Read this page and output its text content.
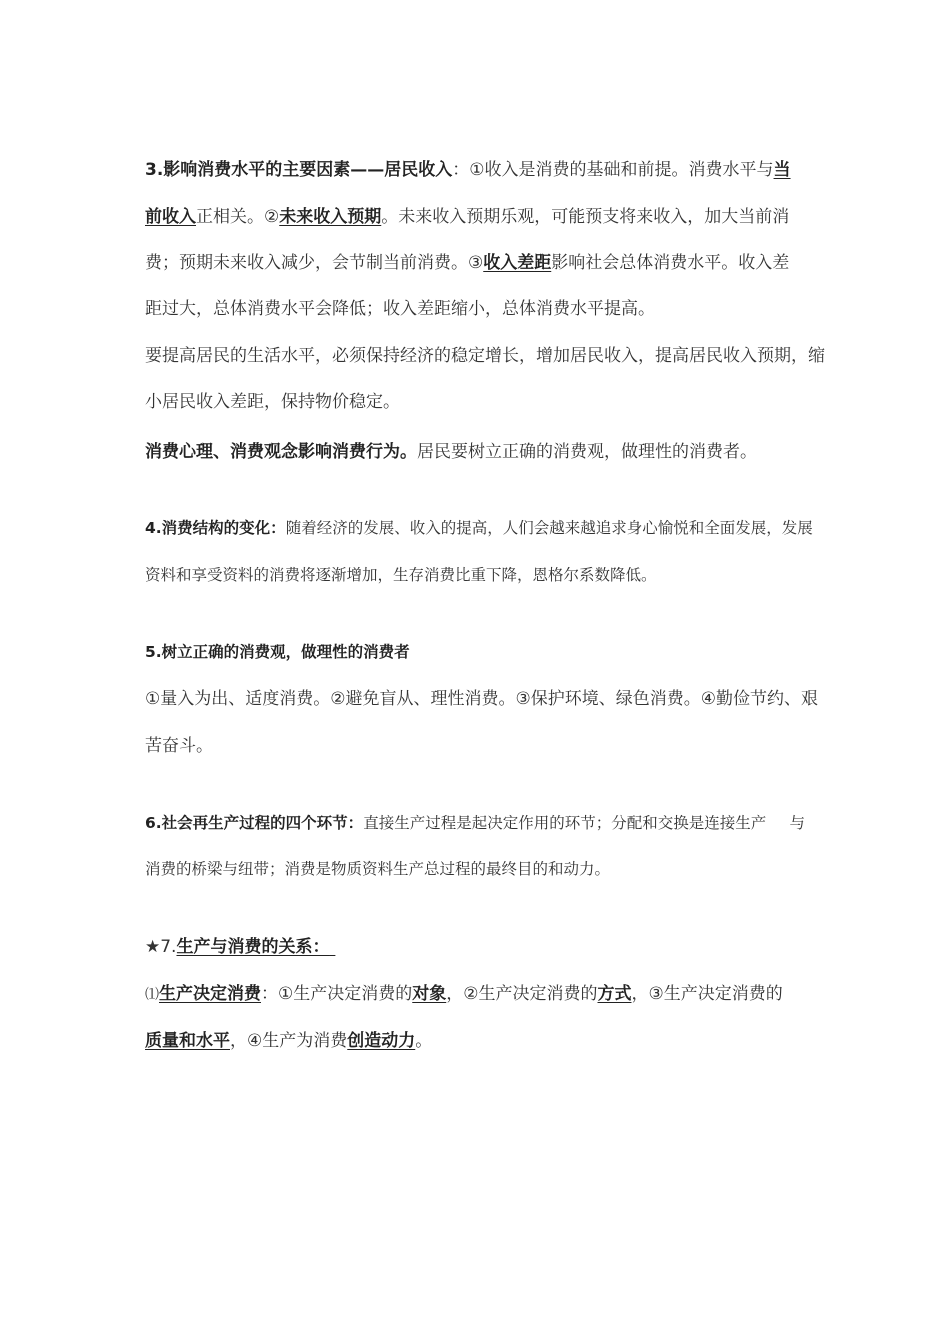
3.影响消费水平的主要因素——居民收入：①收入是消费的基础和前提。消费水平与当
前收入正相关。②未来收入预期。未来收入预期乐观，可能预支将来收入，加大当前消
费；预期未来收入减少，会节制当前消费。③收入差距影响社会总体消费水平。收入差
距过大，总体消费水平会降低；收入差距缩小，总体消费水平提高。
要提高居民的生活水平，必须保持经济的稳定增长，增加居民收入，提高居民收入预期， 缩
小居民收入差距，保持物价稳定。
消费心理、消费观念影响消费行为。居民要树立正确的消费观，做理性的消费者。
4.消费结构的变化：随着经济的发展、收入的提高，人们会越来越追求身心愉悦和全面发展， 发展
资料和享受资料的消费将逐渐增加，生存消费比重下降，恩格尔系数降低。
5.树立正确的消费观，做理性的消费者
①量入为出、适度消费。②避免盲从、理性消费。③保护环境、绿色消费。④勤俭节约、艰
苦奋斗。
6.社会再生产过程的四个环节：直接生产过程是起决定作用的环节；分配和交换是连接生产 与
消费的桥梁与纽带；消费是物质资料生产总过程的最终目的和动力。
★7.生产与消费的关系：
⑴生产决定消费：①生产决定消费的对象，②生产决定消费的方式，③生产决定消费的
质量和水平，④生产为消费创造动力。
